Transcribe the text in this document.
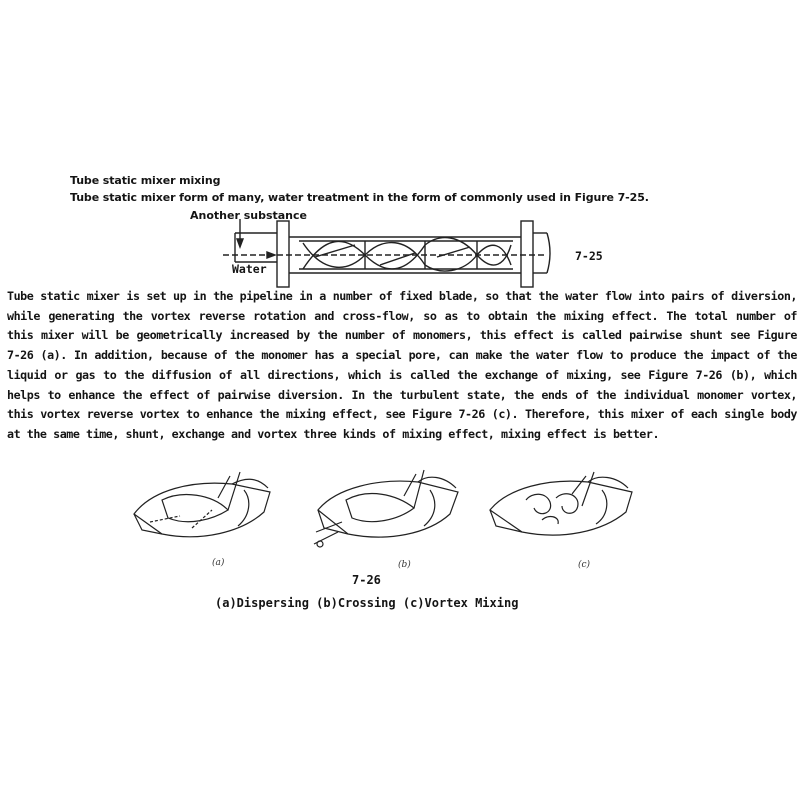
Tube static mixer mixing
Tube static mixer form of many, water treatment in the form of commonly used in Figure 7-25.
Another substance
Water
7-25

Tube static mixer is set up in the pipeline in a number of fixed blade, so that the water flow into pairs of diversion, while generating the vortex reverse rotation and cross-flow, so as to obtain the mixing effect. The total number of this mixer will be geometrically increased by the number of monomers, this effect is called pairwise shunt see Figure 7-26 (a). In addition, because of the monomer has a special pore, can make the water flow to produce the impact of the liquid or gas to the diffusion of all directions, which is called the exchange of mixing, see Figure 7-26 (b), which helps to enhance the effect of pairwise diversion. In the turbulent state, the ends of the individual monomer vortex, this vortex reverse vortex to enhance the mixing effect, see Figure 7-26 (c). Therefore, this mixer of each single body at the same time, shunt, exchange and vortex three kinds of mixing effect, mixing effect is better.

(a)	(b)	(c)
7-26
(a)Dispersing (b)Crossing (c)Vortex Mixing
